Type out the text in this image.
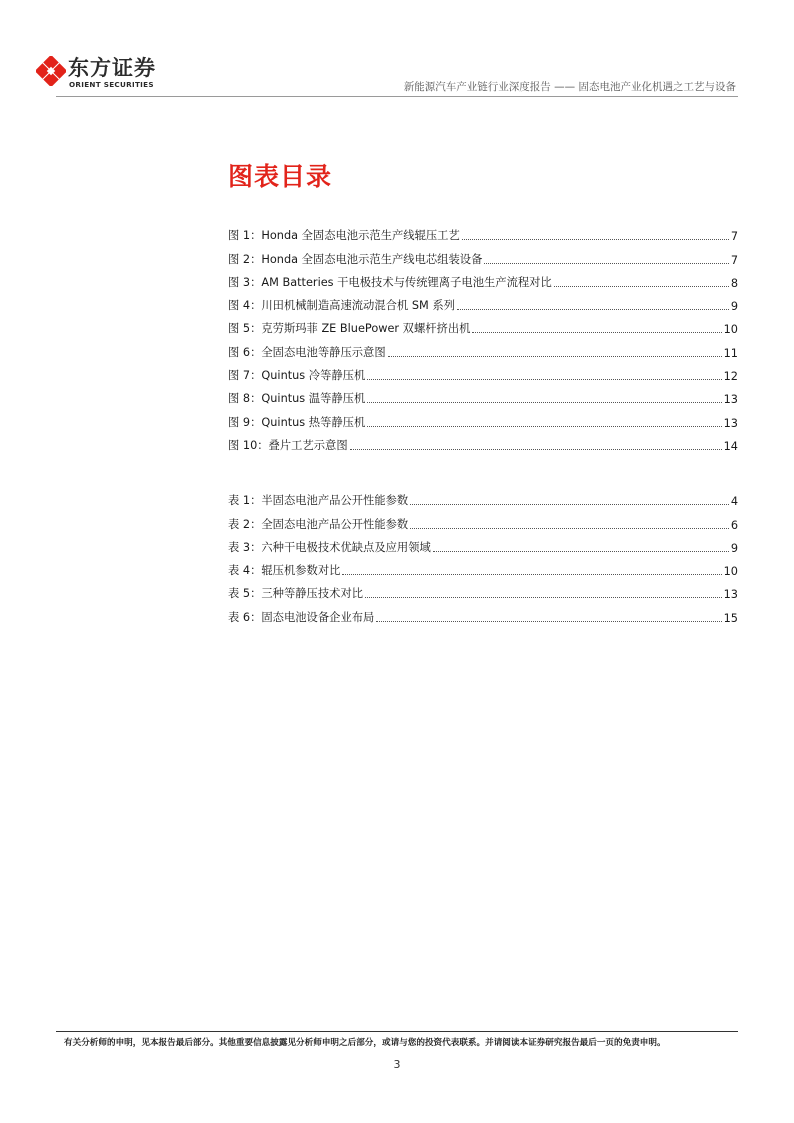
东方证券
ORIENT SECURITIES	新能源汽车产业链行业深度报告 —— 固态电池产业化机遇之工艺与设备
图表目录
图 1：Honda 全固态电池示范生产线辊压工艺	7
图 2：Honda 全固态电池示范生产线电芯组装设备	7
图 3：AM Batteries 干电极技术与传统锂离子电池生产流程对比	8
图 4：川田机械制造高速流动混合机 SM 系列	9
图 5：克劳斯玛菲 ZE BluePower 双螺杆挤出机	10
图 6：全固态电池等静压示意图	11
图 7：Quintus 冷等静压机	12
图 8：Quintus 温等静压机	13
图 9：Quintus 热等静压机	13
图 10：叠片工艺示意图	14
表 1：半固态电池产品公开性能参数	4
表 2：全固态电池产品公开性能参数	6
表 3：六种干电极技术优缺点及应用领域	9
表 4：辊压机参数对比	10
表 5：三种等静压技术对比	13
表 6：固态电池设备企业布局	15
有关分析师的申明，见本报告最后部分。其他重要信息披露见分析师申明之后部分，或请与您的投资代表联系。并请阅读本证券研究报告最后一页的免责申明。
3
